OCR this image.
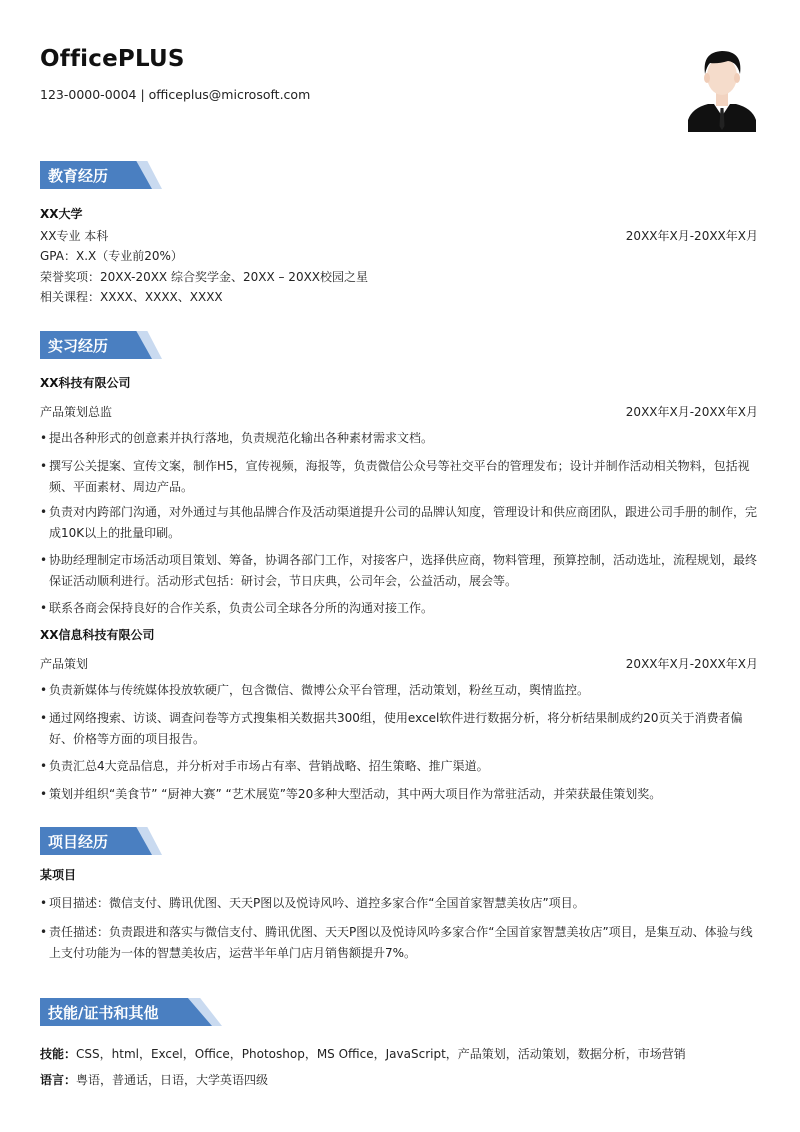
OfficePLUS
123-0000-0004 | officeplus@microsoft.com
教育经历
XX大学
XX专业 本科	20XX年X月-20XX年X月
GPA：X.X（专业前20%）
荣誉奖项：20XX-20XX 综合奖学金、20XX – 20XX校园之星
相关课程：XXXX、XXXX、XXXX
实习经历
XX科技有限公司
产品策划总监	20XX年X月-20XX年X月
• 提出各种形式的创意素并执行落地，负责规范化输出各种素材需求文档。
• 撰写公关提案、宣传文案，制作H5，宣传视频，海报等，负责微信公众号等社交平台的管理发布；设计并制作活动相关物料，包括视频、平面素材、周边产品。
• 负责对内跨部门沟通，对外通过与其他品牌合作及活动渠道提升公司的品牌认知度，管理设计和供应商团队，跟进公司手册的制作，完成10K以上的批量印刷。
• 协助经理制定市场活动项目策划、筹备，协调各部门工作，对接客户，选择供应商，物料管理，预算控制，活动选址，流程规划，最终保证活动顺利进行。活动形式包括：研讨会，节日庆典，公司年会，公益活动，展会等。
• 联系各商会保持良好的合作关系，负责公司全球各分所的沟通对接工作。
XX信息科技有限公司
产品策划	20XX年X月-20XX年X月
• 负责新媒体与传统媒体投放软硬广，包含微信、微博公众平台管理，活动策划，粉丝互动，舆情监控。
• 通过网络搜索、访谈、调查问卷等方式搜集相关数据共300组，使用excel软件进行数据分析，将分析结果制成约20页关于消费者偏好、价格等方面的项目报告。
• 负责汇总4大竞品信息，并分析对手市场占有率、营销战略、招生策略、推广渠道。
• 策划并组织“美食节” “厨神大赛” “艺术展览”等20多种大型活动，其中两大项目作为常驻活动，并荣获最佳策划奖。
项目经历
某项目
• 项目描述：微信支付、腾讯优图、天天P图以及悦诗风吟、道控多家合作“全国首家智慧美妆店”项目。
• 责任描述：负责跟进和落实与微信支付、腾讯优图、天天P图以及悦诗风吟多家合作“全国首家智慧美妆店”项目，是集互动、体验与线上支付功能为一体的智慧美妆店，运营半年单门店月销售额提升7%。
技能/证书和其他
技能：CSS，html，Excel，Office，Photoshop，MS Office，JavaScript，产品策划，活动策划，数据分析，市场营销
语言：粤语，普通话，日语，大学英语四级
